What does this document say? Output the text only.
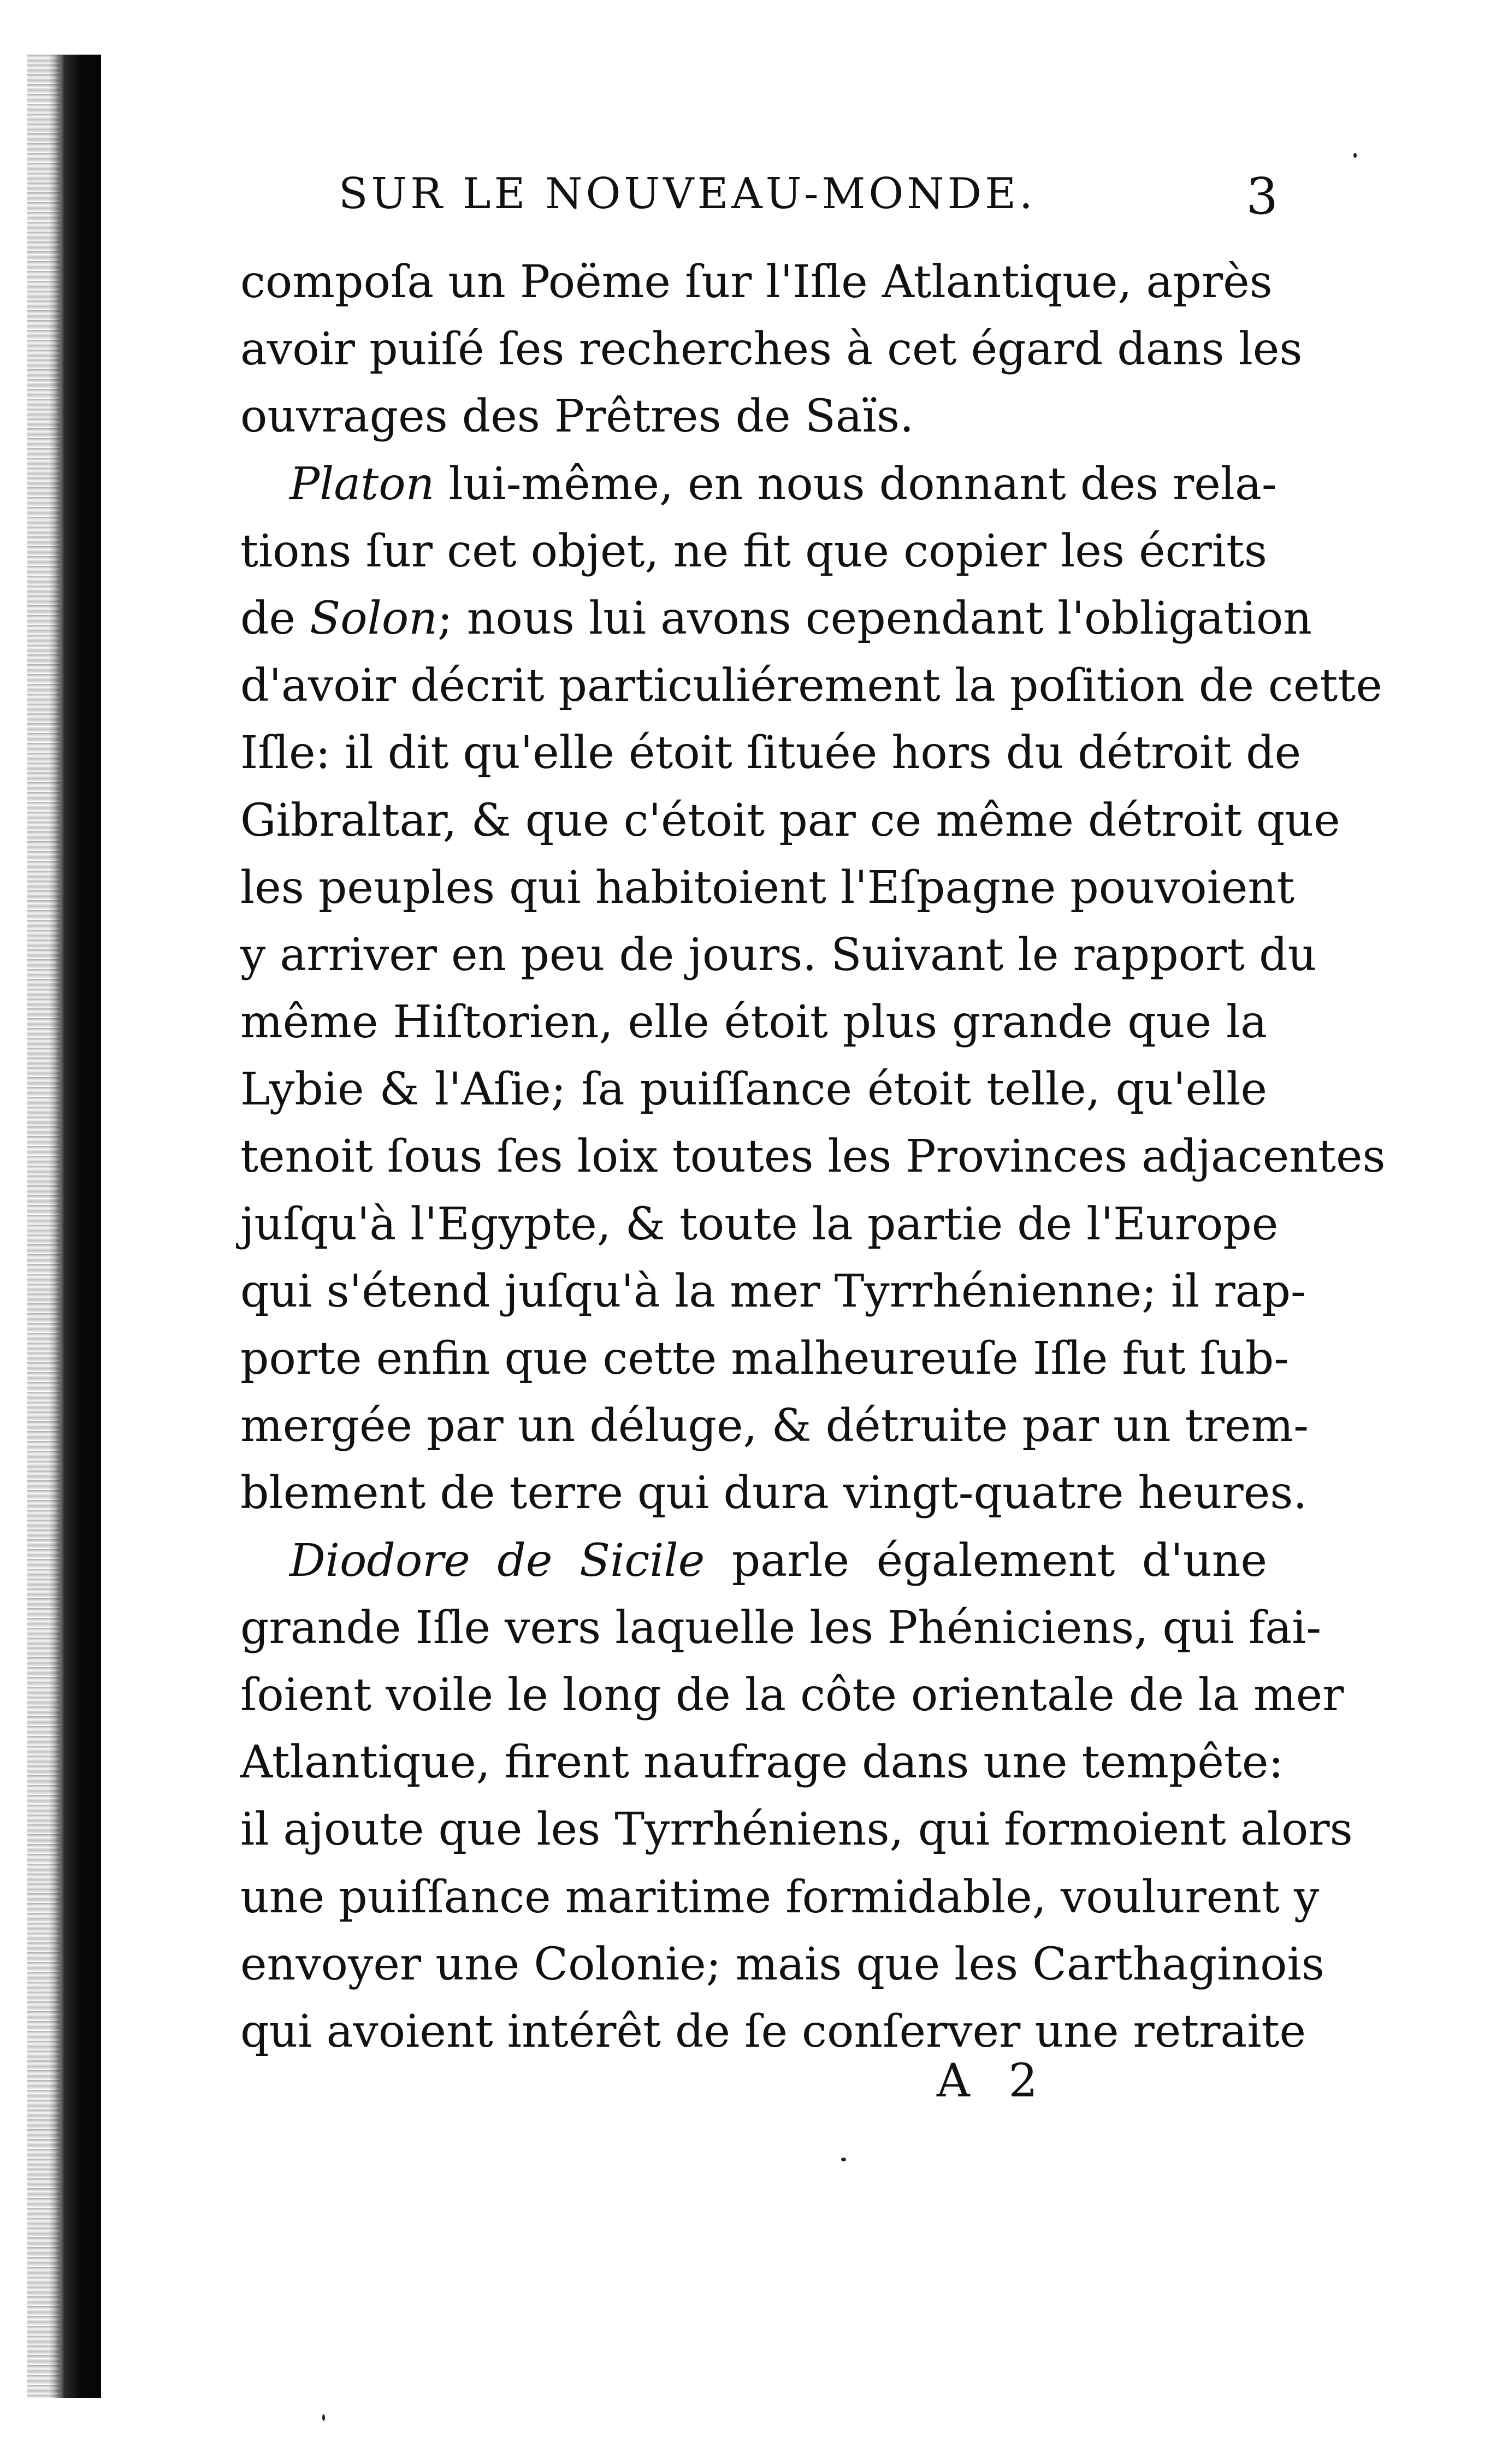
SUR LE NOUVEAU-MONDE.	3
compoſa un Poëme ſur l'Iſle Atlantique, après
avoir puiſé ſes recherches à cet égard dans les
ouvrages des Prêtres de Saïs.
Platon lui-même, en nous donnant des rela-
tions ſur cet objet, ne fit que copier les écrits
de Solon; nous lui avons cependant l'obligation
d'avoir décrit particuliérement la poſition de cette
Iſle: il dit qu'elle étoit ſituée hors du détroit de
Gibraltar, & que c'étoit par ce même détroit que
les peuples qui habitoient l'Eſpagne pouvoient
y arriver en peu de jours. Suivant le rapport du
même Hiſtorien, elle étoit plus grande que la
Lybie & l'Aſie; ſa puiſſance étoit telle, qu'elle
tenoit ſous ſes loix toutes les Provinces adjacentes
juſqu'à l'Egypte, & toute la partie de l'Europe
qui s'étend juſqu'à la mer Tyrrhénienne; il rap-
porte enfin que cette malheureuſe Iſle fut ſub-
mergée par un déluge, & détruite par un trem-
blement de terre qui dura vingt-quatre heures.
Diodore de Sicile parle également d'une
grande Iſle vers laquelle les Phéniciens, qui fai-
ſoient voile le long de la côte orientale de la mer
Atlantique, firent naufrage dans une tempête:
il ajoute que les Tyrrhéniens, qui formoient alors
une puiſſance maritime formidable, voulurent y
envoyer une Colonie; mais que les Carthaginois
qui avoient intérêt de ſe conſerver une retraite
A 2
